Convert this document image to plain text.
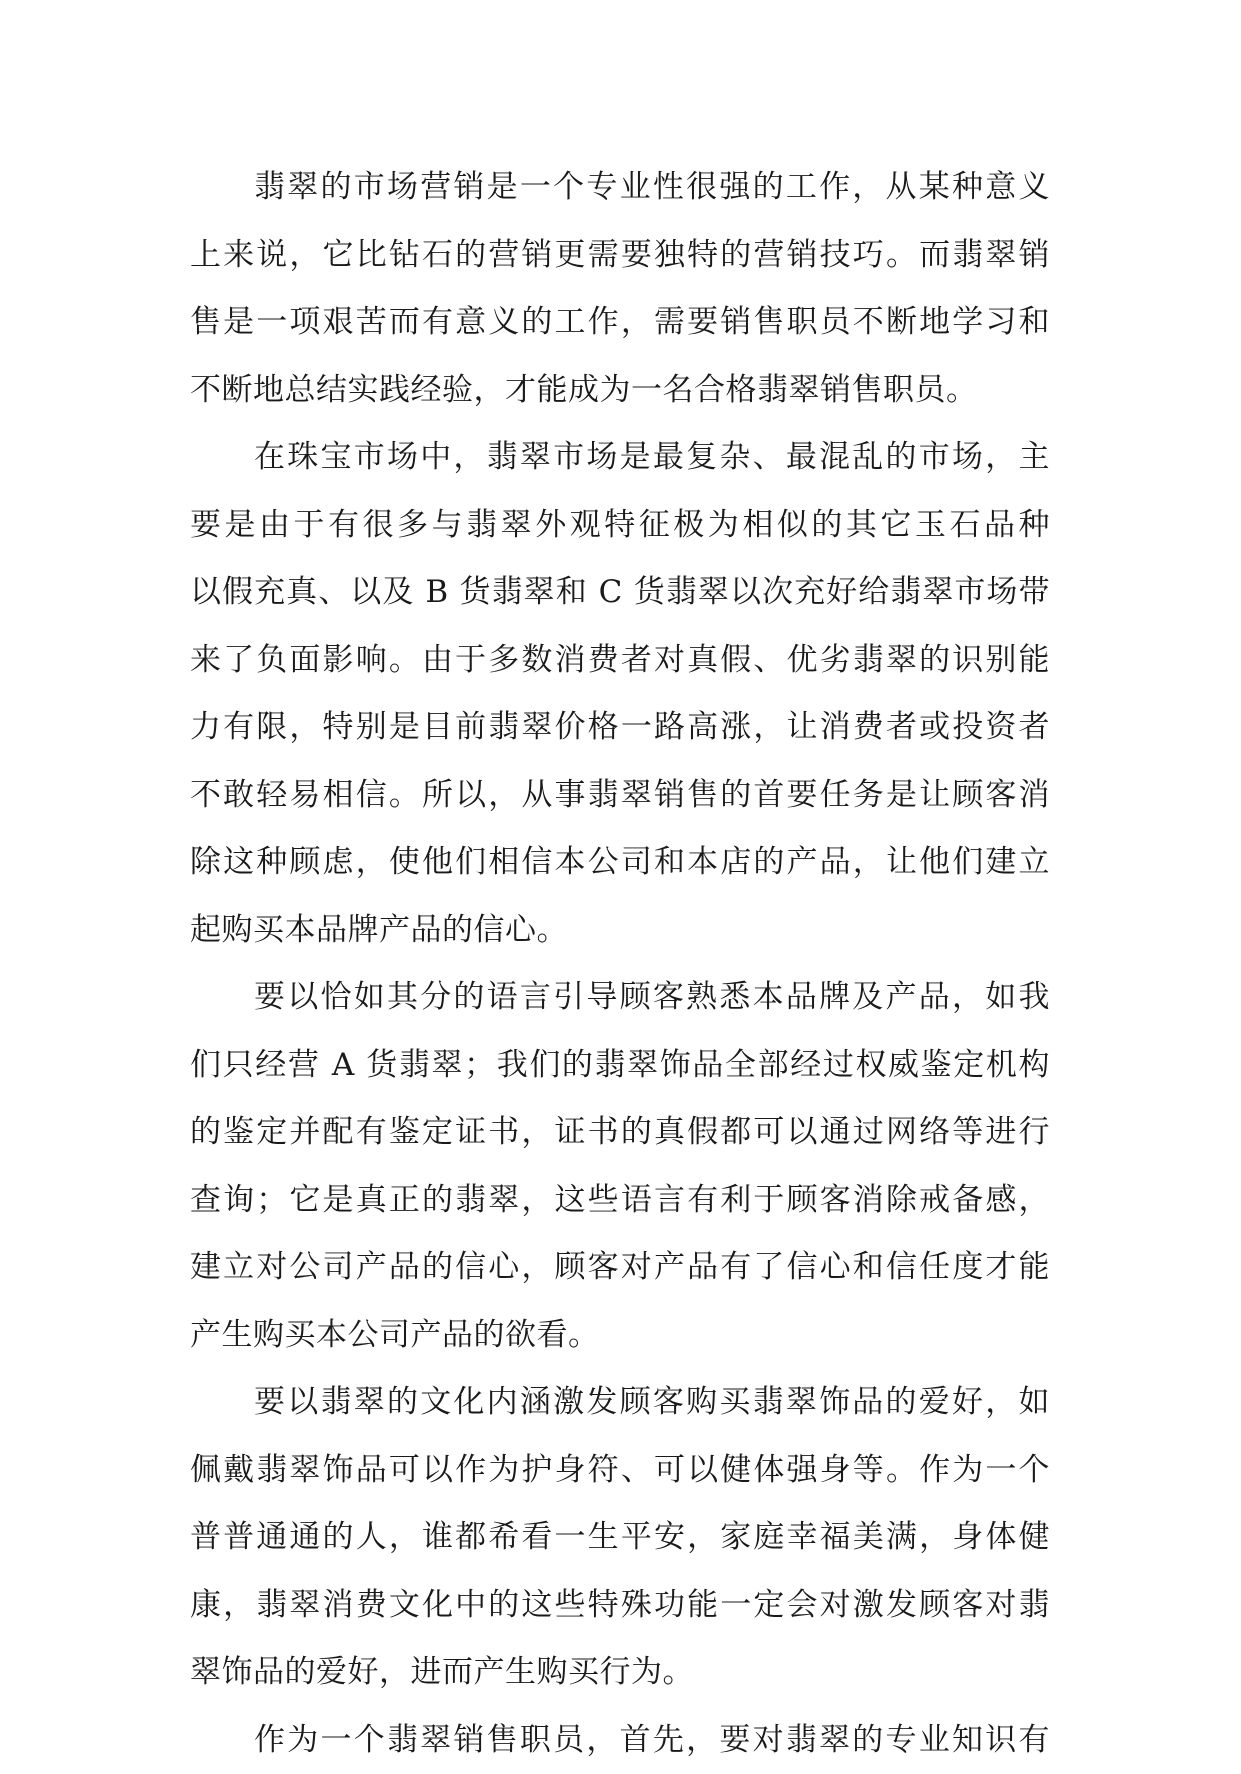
翡翠的市场营销是一个专业性很强的工作，从某种意义
上来说，它比钻石的营销更需要独特的营销技巧。而翡翠销
售是一项艰苦而有意义的工作，需要销售职员不断地学习和
不断地总结实践经验，才能成为一名合格翡翠销售职员。
在珠宝市场中，翡翠市场是最复杂、最混乱的市场，主
要是由于有很多与翡翠外观特征极为相似的其它玉石品种
以假充真、以及 B 货翡翠和 C 货翡翠以次充好给翡翠市场带
来了负面影响。由于多数消费者对真假、优劣翡翠的识别能
力有限，特别是目前翡翠价格一路高涨，让消费者或投资者
不敢轻易相信。所以，从事翡翠销售的首要任务是让顾客消
除这种顾虑，使他们相信本公司和本店的产品，让他们建立
起购买本品牌产品的信心。
要以恰如其分的语言引导顾客熟悉本品牌及产品，如我
们只经营 A 货翡翠；我们的翡翠饰品全部经过权威鉴定机构
的鉴定并配有鉴定证书，证书的真假都可以通过网络等进行
查询；它是真正的翡翠，这些语言有利于顾客消除戒备感，
建立对公司产品的信心，顾客对产品有了信心和信任度才能
产生购买本公司产品的欲看。
要以翡翠的文化内涵激发顾客购买翡翠饰品的爱好，如
佩戴翡翠饰品可以作为护身符、可以健体强身等。作为一个
普普通通的人，谁都希看一生平安，家庭幸福美满，身体健
康，翡翠消费文化中的这些特殊功能一定会对激发顾客对翡
翠饰品的爱好，进而产生购买行为。
作为一个翡翠销售职员，首先，要对翡翠的专业知识有
